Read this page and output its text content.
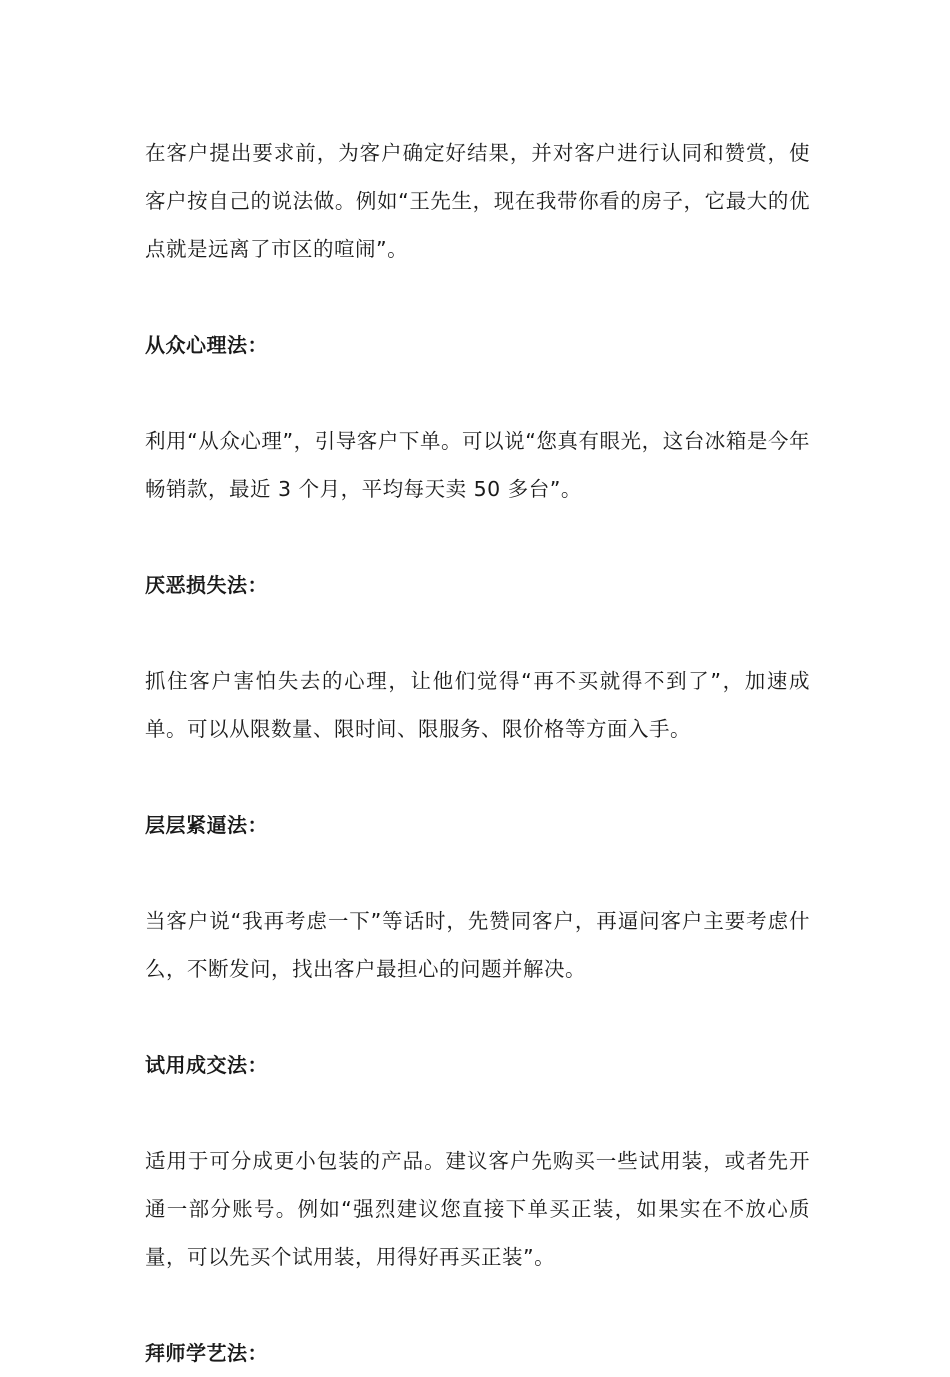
在客户提出要求前，为客户确定好结果，并对客户进行认同和赞赏，使客户按自己的说法做。例如“王先生，现在我带你看的房子，它最大的优点就是远离了市区的喧闹”。

从众心理法：

利用“从众心理”，引导客户下单。可以说“您真有眼光，这台冰箱是今年畅销款，最近 3 个月，平均每天卖 50 多台”。

厌恶损失法：

抓住客户害怕失去的心理，让他们觉得“再不买就得不到了”，加速成单。可以从限数量、限时间、限服务、限价格等方面入手。

层层紧逼法：

当客户说“我再考虑一下”等话时，先赞同客户，再逼问客户主要考虑什么，不断发问，找出客户最担心的问题并解决。

试用成交法：

适用于可分成更小包装的产品。建议客户先购买一些试用装，或者先开通一部分账号。例如“强烈建议您直接下单买正装，如果实在不放心质量，可以先买个试用装，用得好再买正装”。

拜师学艺法：
